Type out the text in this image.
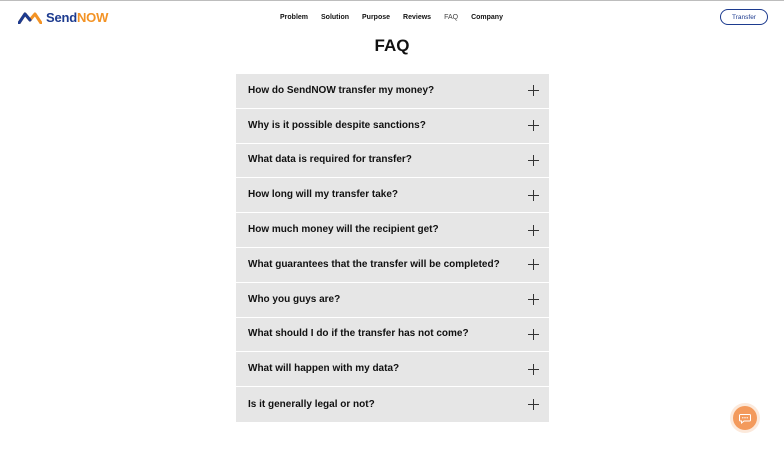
SendNOW	Problem Solution Purpose Reviews FAQ Company	Transfer
FAQ
How do SendNOW transfer my money?
Why is it possible despite sanctions?
What data is required for transfer?
How long will my transfer take?
How much money will the recipient get?
What guarantees that the transfer will be completed?
Who you guys are?
What should I do if the transfer has not come?
What will happen with my data?
Is it generally legal or not?
